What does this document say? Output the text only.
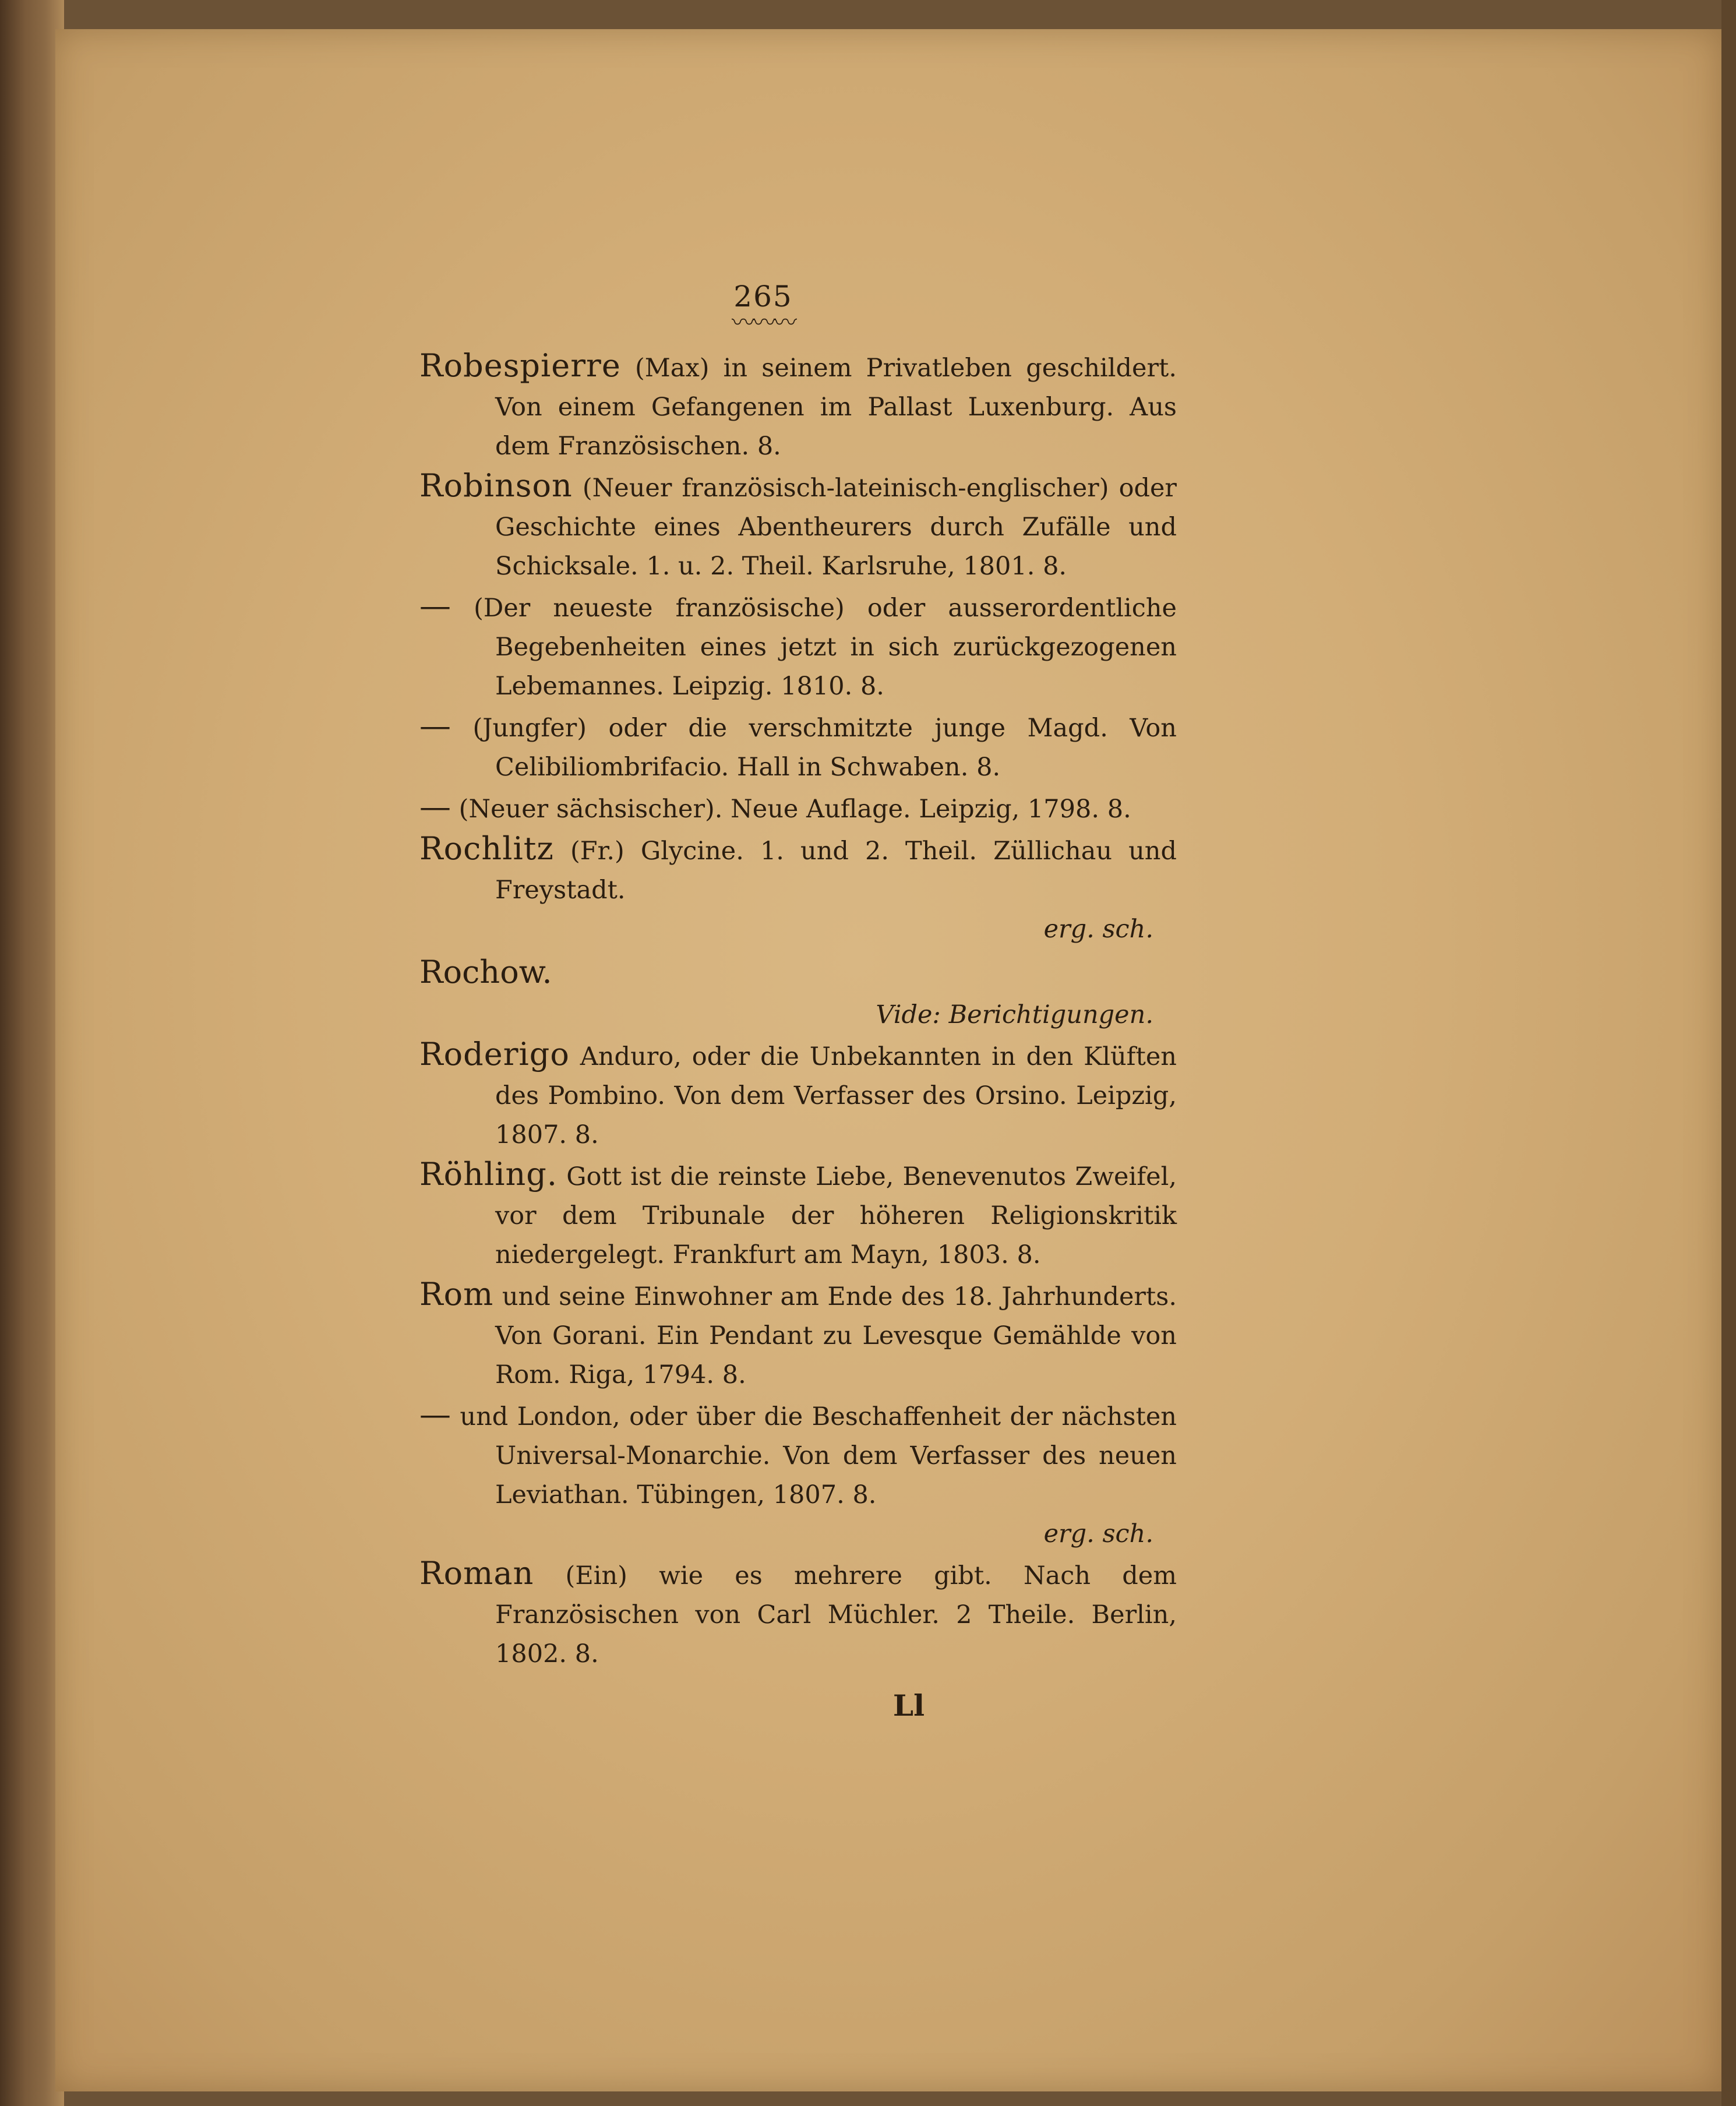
265
〰〰〰
Robespierre (Max) in seinem Privatleben geschildert. Von einem Gefangenen im Pallast Luxenburg. Aus dem Französischen. 8.
Robinson (Neuer französisch-lateinisch-englischer) oder Geschichte eines Abentheurers durch Zufälle und Schicksale. 1. u. 2. Theil. Karlsruhe, 1801. 8.
— (Der neueste französische) oder ausserordentliche Begebenheiten eines jetzt in sich zurückgezogenen Lebemannes. Leipzig. 1810. 8.
— (Jungfer) oder die verschmitzte junge Magd. Von Celibiliombrifacio. Hall in Schwaben. 8.
— (Neuer sächsischer). Neue Auflage. Leipzig, 1798. 8.
Rochlitz (Fr.) Glycine. 1. und 2. Theil. Züllichau und Freystadt.
erg. sch.
Rochow.
Vide: Berichtigungen.
Roderigo Anduro, oder die Unbekannten in den Klüften des Pombino. Von dem Verfasser des Orsino. Leipzig, 1807. 8.
Röhling. Gott ist die reinste Liebe, Benevenutos Zweifel, vor dem Tribunale der höheren Religionskritik niedergelegt. Frankfurt am Mayn, 1803. 8.
Rom und seine Einwohner am Ende des 18. Jahrhunderts. Von Gorani. Ein Pendant zu Levesque Gemählde von Rom. Riga, 1794. 8.
— und London, oder über die Beschaffenheit der nächsten Universal-Monarchie. Von dem Verfasser des neuen Leviathan. Tübingen, 1807. 8.
erg. sch.
Roman (Ein) wie es mehrere gibt. Nach dem Französischen von Carl Müchler. 2 Theile. Berlin, 1802. 8.
Ll
